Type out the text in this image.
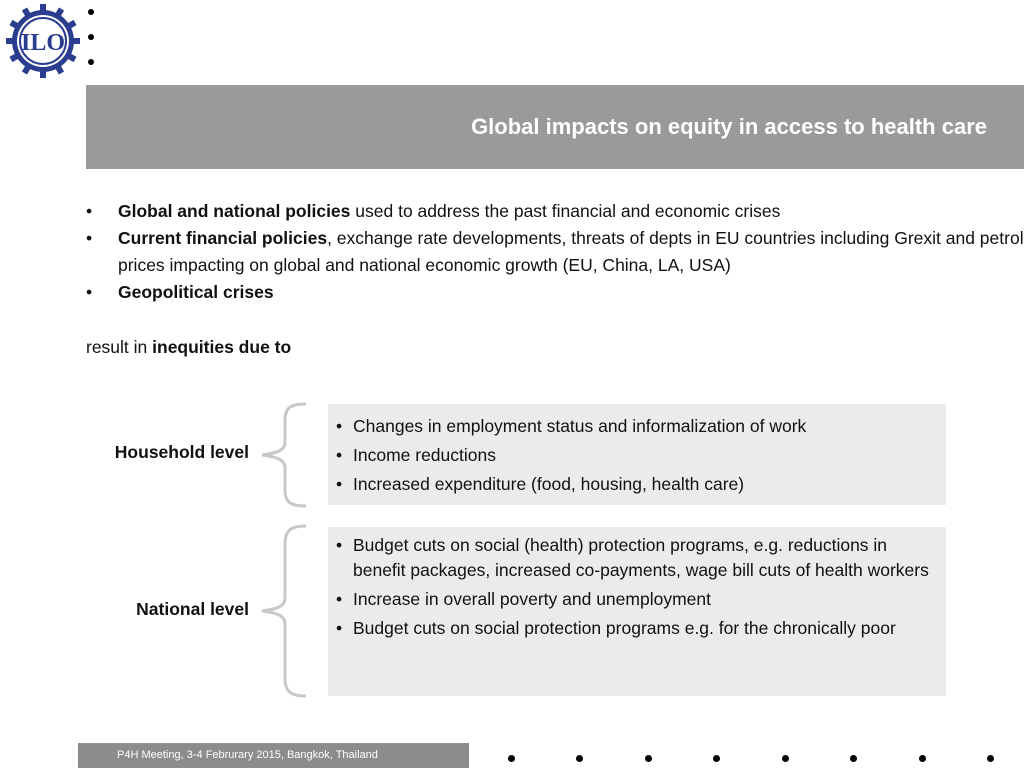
ILO
Global impacts on equity in access to health care
• Global and national policies used to address the past financial and economic crises
• Current financial policies, exchange rate developments, threats of depts in EU countries including Grexit and petrol prices impacting on global and national economic growth (EU, China, LA, USA)
• Geopolitical crises
result in inequities due to
Household level
• Changes in employment status and informalization of work
• Income reductions
• Increased expenditure (food, housing, health care)
National level
• Budget cuts on social (health) protection programs, e.g. reductions in benefit packages, increased co-payments, wage bill cuts of health workers
• Increase in overall poverty and unemployment
• Budget cuts on social protection programs e.g. for the chronically poor
P4H Meeting, 3-4 Februrary 2015, Bangkok, Thailand
